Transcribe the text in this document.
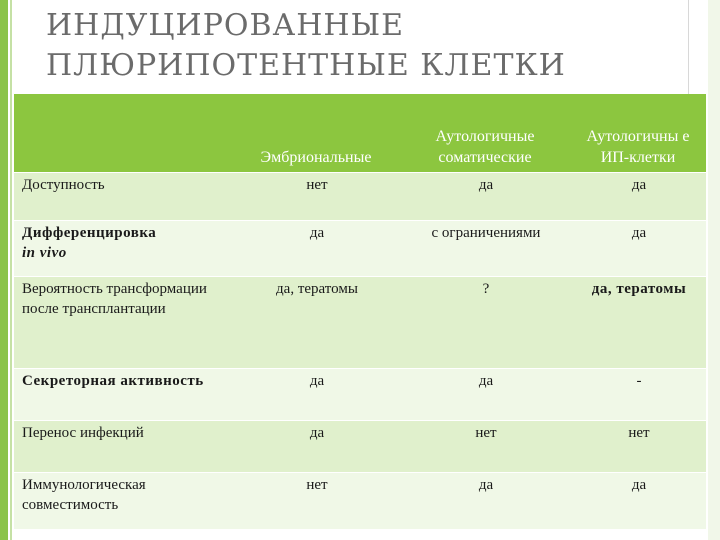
ИНДУЦИРОВАННЫЕ
ПЛЮРИПОТЕНТНЫЕ КЛЕТКИ
	Эмбриональные	Аутологичные соматические	Аутологичны е ИП-клетки
Доступность	нет	да	да
Дифференцировка
in vivo	да	с ограничениями	да
Вероятность трансформации после трансплантации	да, тератомы	?	да, тератомы
Секреторная активность	да	да	-
Перенос инфекций	да	нет	нет
Иммунологическая совместимость	нет	да	да
